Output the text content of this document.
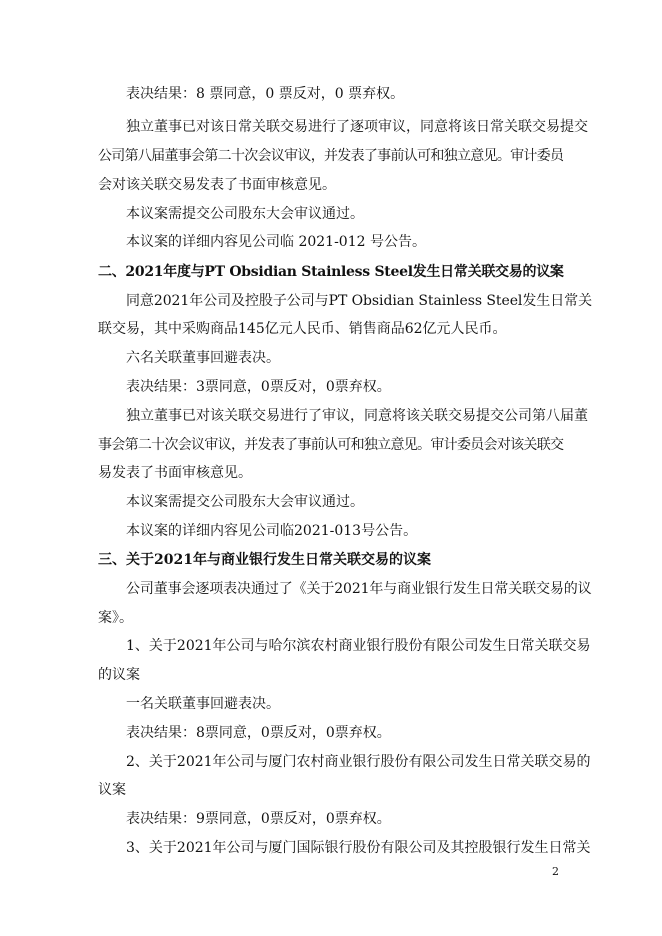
表决结果：8 票同意，0 票反对，0 票弃权。
独立董事已对该日常关联交易进行了逐项审议，同意将该日常关联交易提交
公司第八届董事会第二十次会议审议，并发表了事前认可和独立意见。审计委员
会对该关联交易发表了书面审核意见。
本议案需提交公司股东大会审议通过。
本议案的详细内容见公司临 2021-012 号公告。
二、2021年度与PT Obsidian Stainless Steel发生日常关联交易的议案
同意2021年公司及控股子公司与PT Obsidian Stainless Steel发生日常关
联交易，其中采购商品145亿元人民币、销售商品62亿元人民币。
六名关联董事回避表决。
表决结果：3票同意，0票反对，0票弃权。
独立董事已对该关联交易进行了审议，同意将该关联交易提交公司第八届董
事会第二十次会议审议，并发表了事前认可和独立意见。审计委员会对该关联交
易发表了书面审核意见。
本议案需提交公司股东大会审议通过。
本议案的详细内容见公司临2021-013号公告。
三、关于2021年与商业银行发生日常关联交易的议案
公司董事会逐项表决通过了《关于2021年与商业银行发生日常关联交易的议
案》。
1、关于2021年公司与哈尔滨农村商业银行股份有限公司发生日常关联交易
的议案
一名关联董事回避表决。
表决结果：8票同意，0票反对，0票弃权。
2、关于2021年公司与厦门农村商业银行股份有限公司发生日常关联交易的
议案
表决结果：9票同意，0票反对，0票弃权。
3、关于2021年公司与厦门国际银行股份有限公司及其控股银行发生日常关
2
